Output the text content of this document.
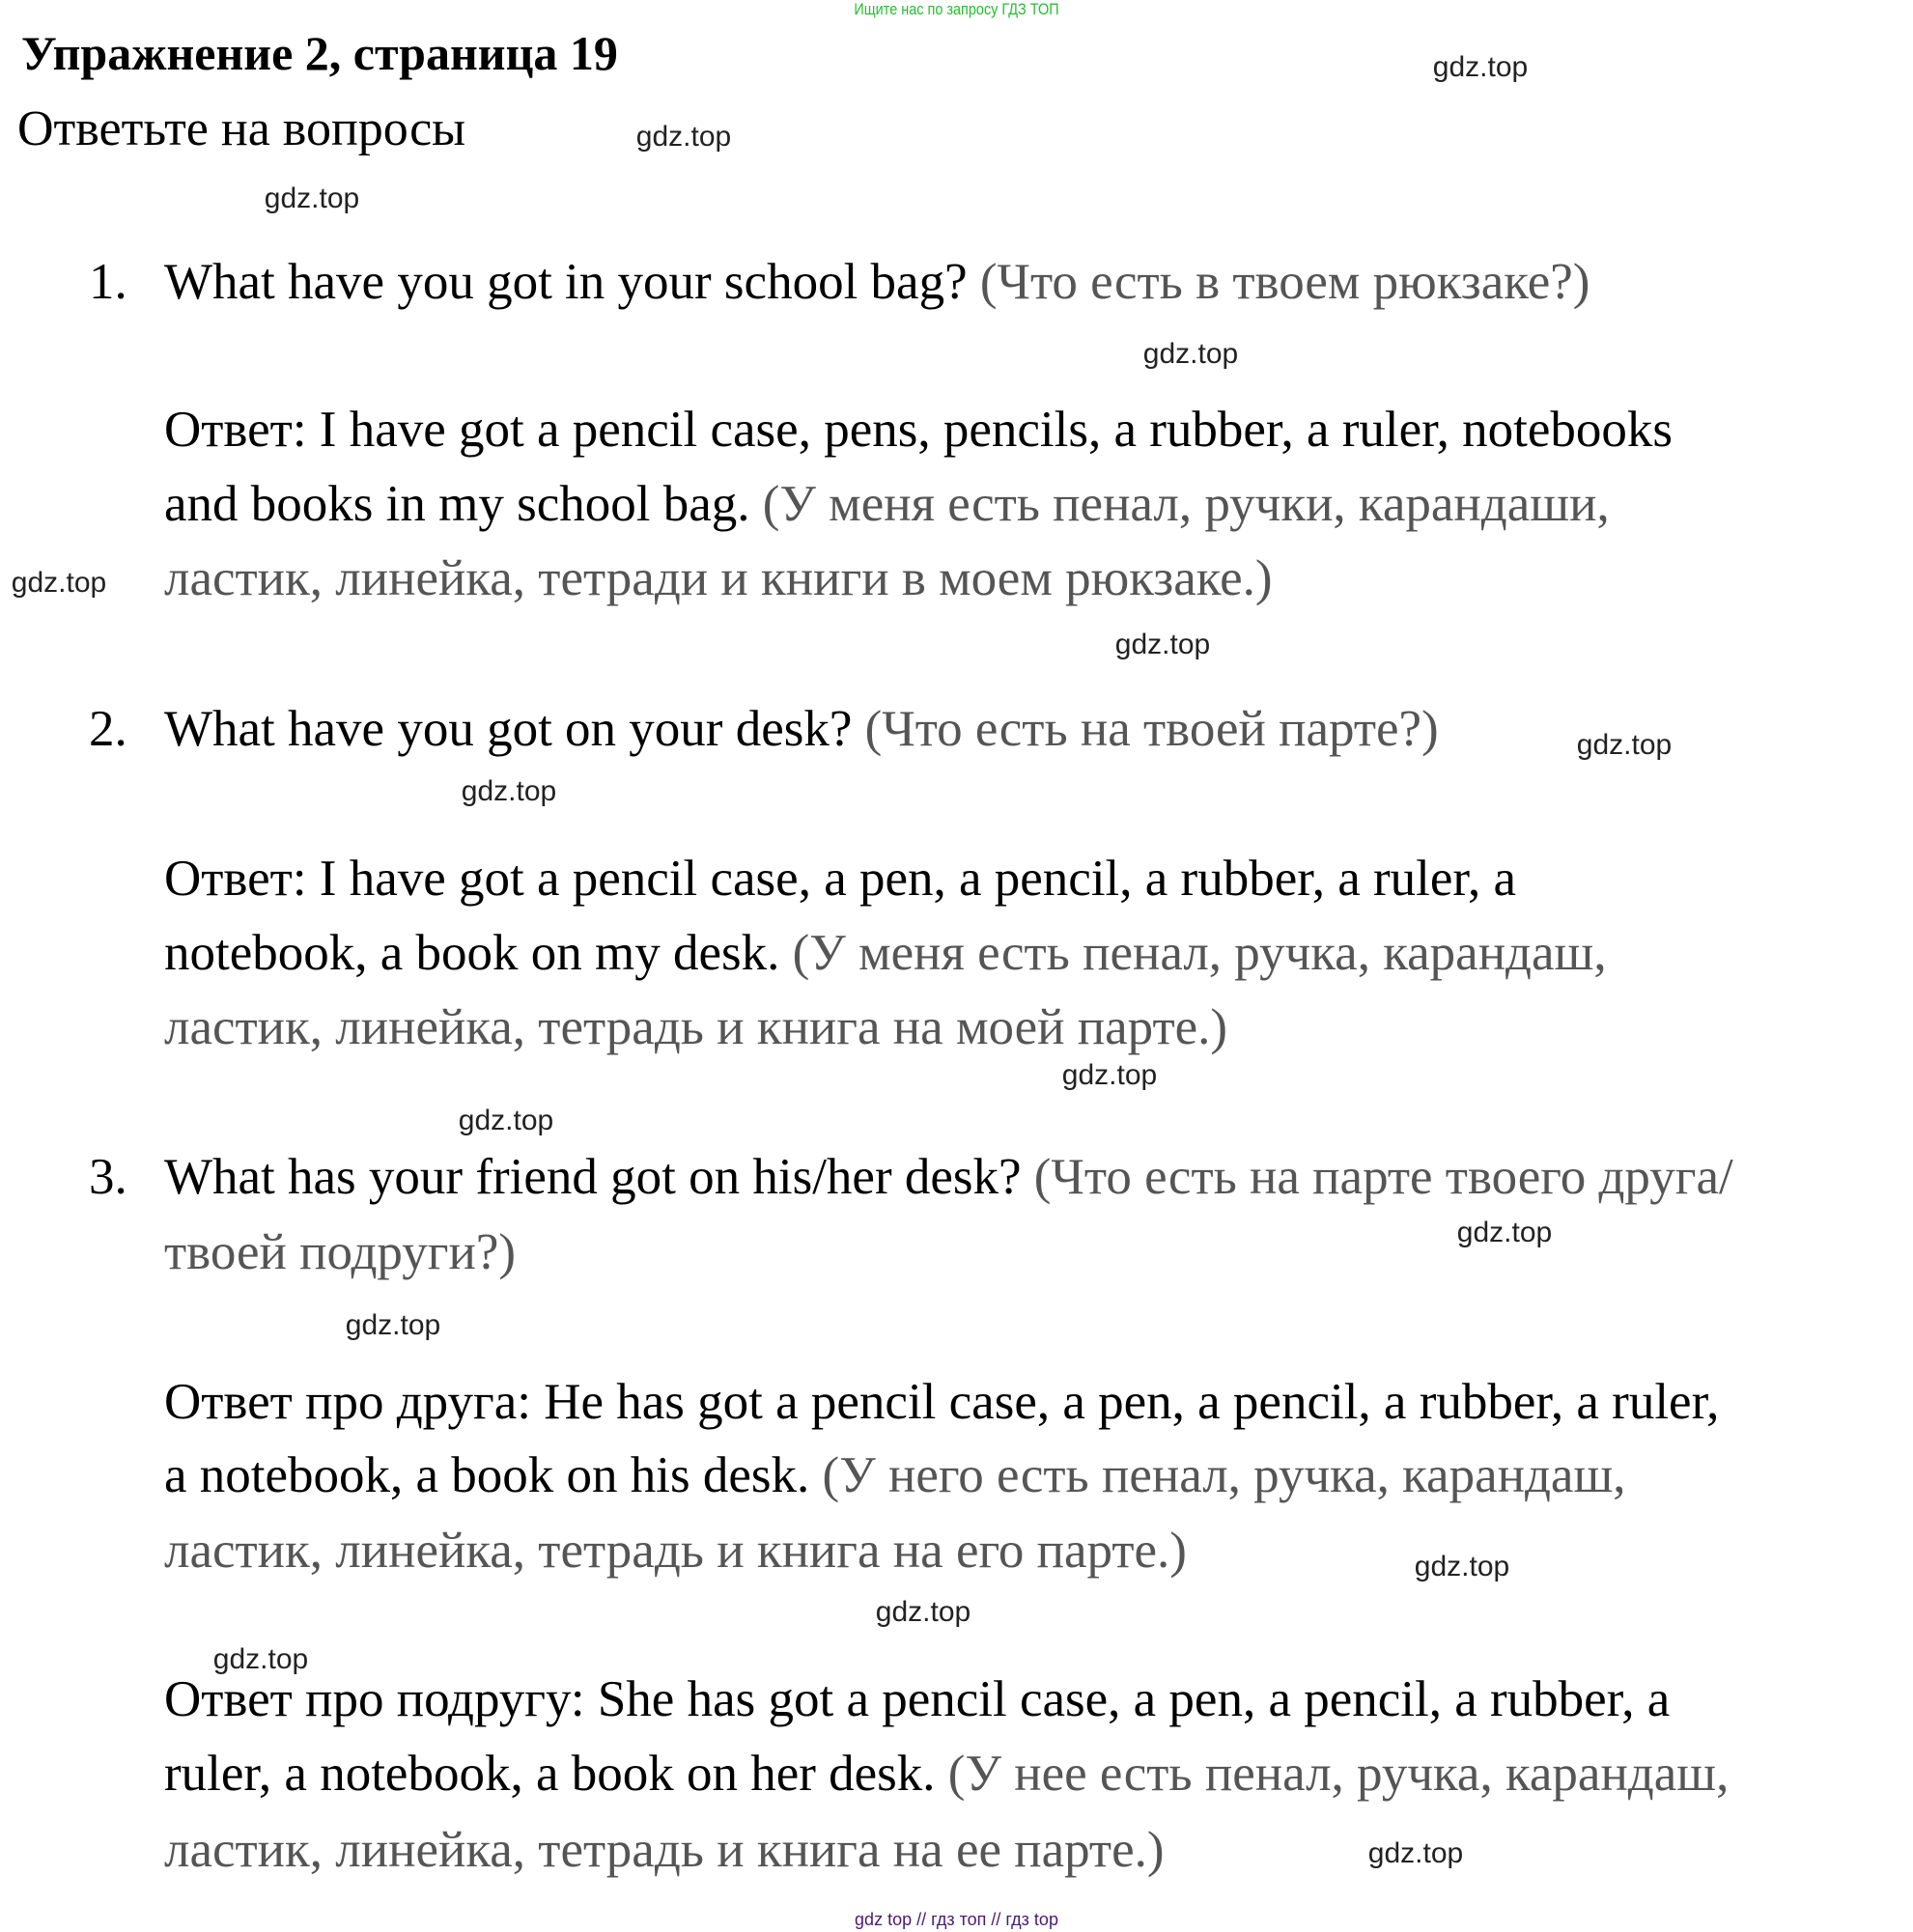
Ищите нас по запросу ГДЗ ТОП
Упражнение 2, страница 19
Ответьте на вопросы
1. What have you got in your school bag? (Что есть в твоем рюкзаке?)
Ответ: I have got a pencil case, pens, pencils, a rubber, a ruler, notebooks
and books in my school bag. (У меня есть пенал, ручки, карандаши,
ластик, линейка, тетради и книги в моем рюкзаке.)
2. What have you got on your desk? (Что есть на твоей парте?)
Ответ: I have got a pencil case, a pen, a pencil, a rubber, a ruler, a
notebook, a book on my desk. (У меня есть пенал, ручка, карандаш,
ластик, линейка, тетрадь и книга на моей парте.)
3. What has your friend got on his/her desk? (Что есть на парте твоего друга/
твоей подруги?)
Ответ про друга: He has got a pencil case, a pen, a pencil, a rubber, a ruler,
a notebook, a book on his desk. (У него есть пенал, ручка, карандаш,
ластик, линейка, тетрадь и книга на его парте.)
Ответ про подругу: She has got a pencil case, a pen, a pencil, a rubber, a
ruler, a notebook, a book on her desk. (У нее есть пенал, ручка, карандаш,
ластик, линейка, тетрадь и книга на ее парте.)
gdz.top
gdz.top
gdz.top
gdz.top
gdz.top
gdz.top
gdz.top
gdz.top
gdz.top
gdz.top
gdz.top
gdz.top
gdz.top
gdz.top
gdz.top
gdz.top
gdz top // гдз топ // гдз top
